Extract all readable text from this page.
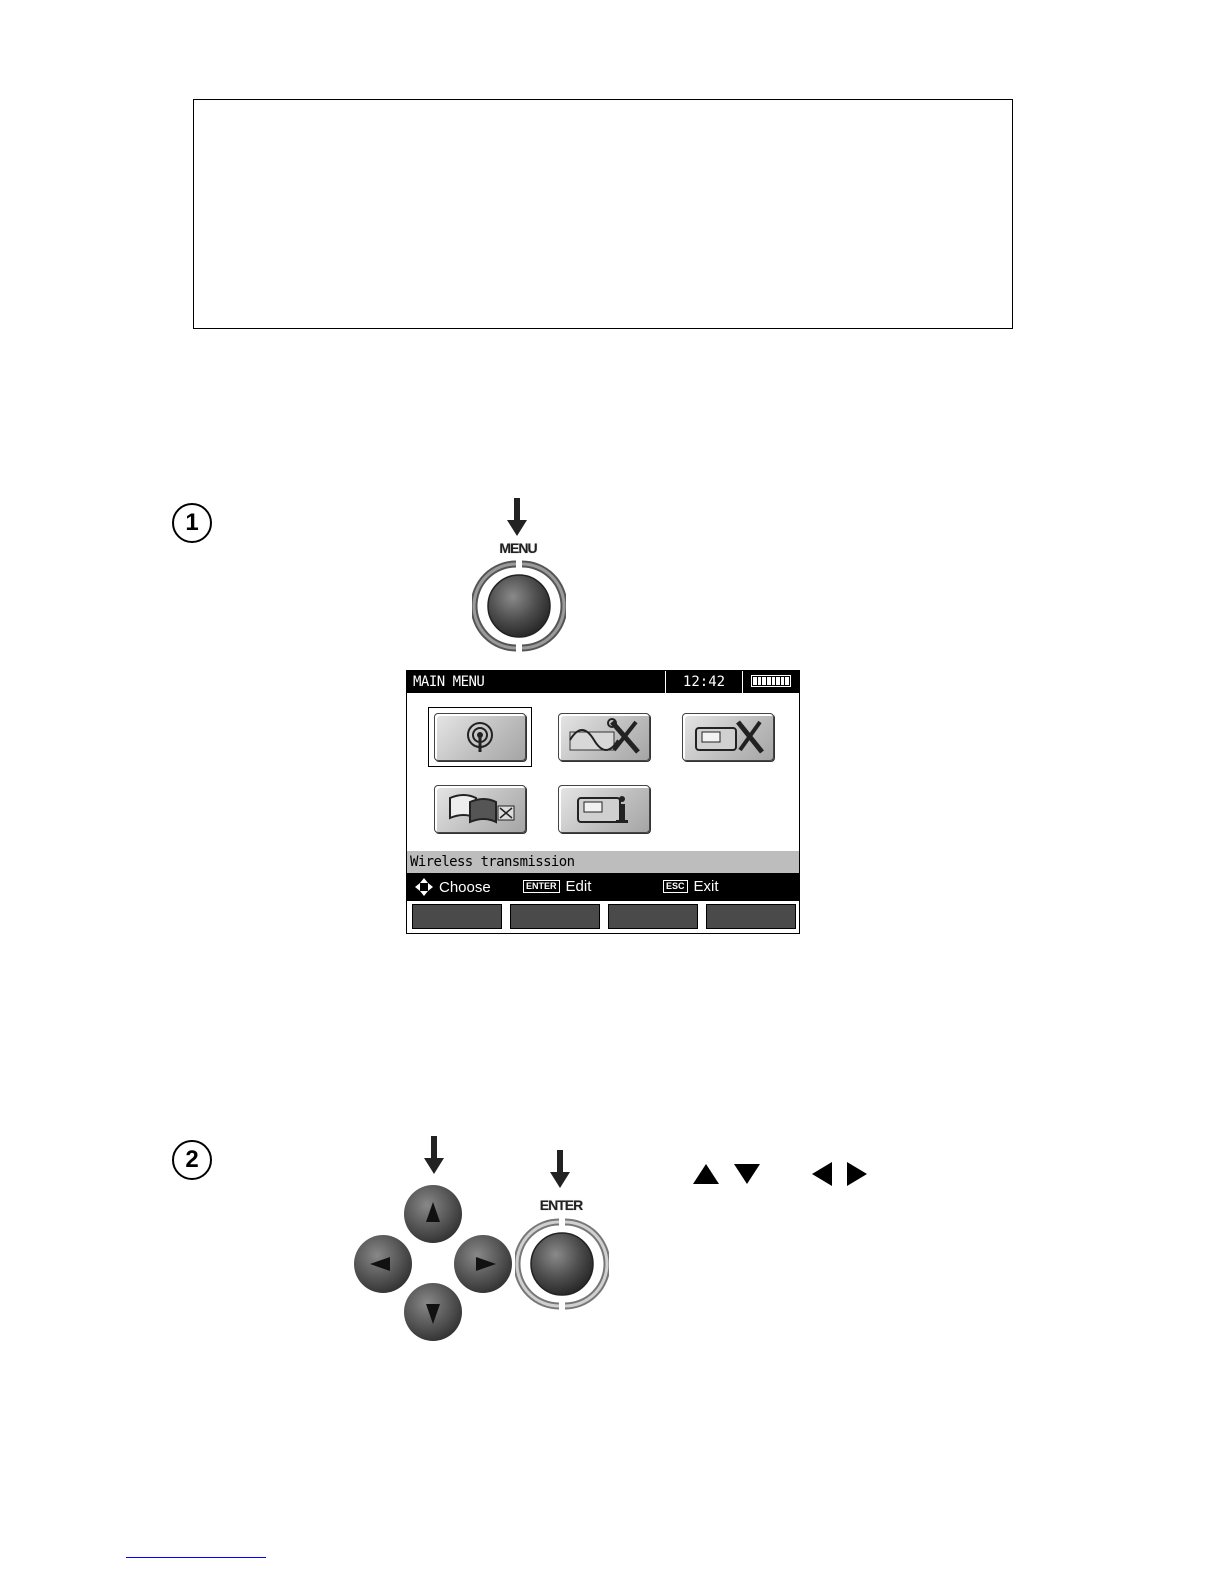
1
MENU
MAIN MENU	12:42
Wireless transmission
Choose	ENTER Edit	ESC Exit
2
ENTER
